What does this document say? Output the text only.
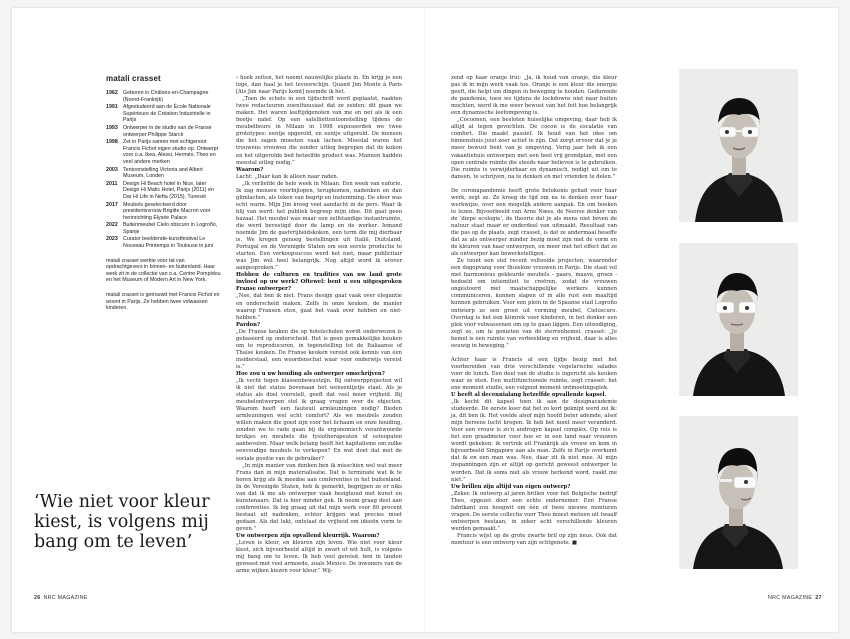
matali crasset
1962 Geboren in Châlons-en-Champagne (Noord-Frankrijk)
1991 Afgestudeerd aan de École Nationale Supérieure de Création Industrielle in Parijs
1993 Ontwerper in de studio van de Franse ontwerper Philippe Starck
1998 Zet in Parijs samen met echtgenoot Francis Fichot eigen studio op. Ontwerpt voor o.a. Ikea, Alessi, Hermès, Theo en veel andere merken
2003 Tentoonstelling Victoria and Albert Museum, Londen
2011	Design Hi Beach hotel in Nice, later Design Hi Matic Hotel, Parijs (2011) en Dar Hi Life in Nefta (2015), Tunesië
2017 Meubels geselecteerd door presidentsvrouw Brigitte Macron voor herinrichting Élysée Palace
2022 Buitenmeubel Cielo obscuro in Logroño, Spanje
2023 Curator beeldende-kunstfestival Le Nouveau Printemps in Toulouse in juni
matali crasset werkte voor tal van opdrachtgevers in binnen- en buitenland. Haar werk zit in de collectie van o.a. Centre Pompidou en het Museum of Modern Art in New York.
matali crasset is getrouwd met Francis Fichot en woont in Parijs. Ze hebben twee volwassen kinderen.
‘Wie niet voor kleur kiest, is volgens mij bang om te leven’

‹ hoek zetten, het neemt nauwelijks plaats in. En krijg je een logé, dan haal je het tevoorschijn. Quand Jim Monte à Paris [Als Jim naar Parijs komt] noemde ik het.

„Toen de schets in een tijdschrift werd geplaatst, raakten twee redacteuren zoenthousiast dat ze zeiden: dit gaan we maken. Het waren leeftijdgenoten van me en net als ik een beetje naïef. Op een satelliettentoonstelling tijdens de meubelbeurs in Milaan in 1998 exposeerden we twee prototypes: eentje opgerold, en eentje uitgerold. De mensen die het zagen moesten vaak lachen. Meestal waren het trouwens vrouwen die zonder uitleg begrepen dat de kokon en het uitgerolde bed hetzelfde product was. Mannen hadden meestal uitleg nodig.”

Waarom?

Lacht: „Daar kan ik alleen naar raden.

„Ik verliefde de hele week in Milaan. Een week van euforie. Ik zag mensen voorbijlopen, terugkomen, nadenken en dan glimlachen, als teken van begrip en instemming. De sfeer was echt warm. Mijn Jim kreeg veel aandacht in de pers. Waar ik blij van werd: het publiek begreep mijn idee. Dit gaat geen bazaal. Het meubel was maar een zelfstandige instantruimte, die werd bevestigd door de lamp en de werker. Iemand noemde Jim de gastvrijheidskokon, een term die mij dierbaar is. We kregen genoeg bestellingen uit Italië, Duitsland, Portugal en de Verenigde Staten om een eerste productie te starten. Een verkoopsucces werd het niet, maar publicitair was Jim wel heel belangrijk. Nog altijd word ik erover aangesproken.”

Hebben de culturen en tradities van uw land grote invloed op uw werk? Oftewel: bent u een uitgesproken Franse ontwerper?

„Nee, dat ben ik niet. Frans design gaat vaak over elegantie en onderscheid maken. Zelfs in onze keuken, de manier waarop Fransen eten, gaat het vaak over hebben en niet-hebben.”

Pardon?

„De Franse keuken die op hotelscholen wordt onderwezen is gebaseerd op onderscheid. Het is geen gemakkelijke keuken om te reproduceren, in tegenstelling tot de Italiaanse of Thaise keuken. De Franse keuken vereist ook kennis van een insiderstaal, een woordenschat waar voor onderwijs vereist is.”

Hoe zou u uw houding als ontwerper omschrijven?

„Ik vecht tegen klassenbewustzijn. Bij ontwerpprojecten wil ik niet dat status bovenaan het wensenlijstje staat. Als je status als doel voorstelt, geeft dat veel meer vrijheid. Bij meubelontwerpen stel ik graag vragen over de objecten. Waarom heeft een fauteuil armleuningen nodig? Bieden armleuningen wel echt comfort? Als we meubels zouden willen maken die goed zijn voor het lichaam en onze houding, zouden we te rade gaan bij de ergonomisch verantwoorde krukjes en meubels die fysiotherapeuten of osteopaten aanbevelen. Maar welk belang heeft het kapitalisme om zulke eenvoudige meubels te verkopen? En wat doet dat met de sociale positie van de gebruiker?

„In mijn manier van denken ben ik misschien wel wat meer Frans dan in mijn materialisatie. Dat is terminate wat ik te horen krijg als ik meedoe aan conferenties in het buitenland. In de Verenigde Staten, heb ik gemerkt, begrijpen ze er niks van dat ik me als ontwerper vaak bezighoud met kunst en kunstenaars. Dat is hier minder gek. Ik neem graag deel aan conferenties. Ik leg graag uit dat mijn werk voor 80 procent bestaat uit nadenken, echter krijgen wat precies moet gedaan. Als dat lukt, ontstaat de vrijheid om ideeën vorm te geven.”

Uw ontwerpen zijn opvallend kleurrijk. Waarom?

„Leven is kleur, en kleuren zijn leven. Wie niet voor kleur kiest, zich bijvoorbeeld altijd in zwart of wit hult, is volgens mij bang om te leven. Ik heb veel gereisd, ben in landen geweest met veel armoede, zoals Mexico. De inwoners van de arme wijken kiezen voor kleur.” Wij-

zend op haar oranje trui: „Ja, ik houd van oranje, die kleur pas ik in mijn werk vaak toe. Oranje is een kleur die energie geeft, die helpt om dingen in beweging te houden. Gedurende de pandemie, toen we tijdens de lockdowns niet naar buiten mochten, werd ik me weer bewust van het feit hoe belangrijk een dynamische leefomgeving is.

„Cocoonen, een besloten huiselijke omgeving, daar heb ik altijd al tegen gevochten. De cocon is de escalatie van comfort. Die maakt passief. Ik houd van het idee om binnenshuis juist zeer actief te zijn. Dat zorgt ervoor dat je je meer bewust bent van je omgeving. Vorig jaar heb ik een vakantiehuis ontworpen met een heel vrij grondplan, met een open centrale ruimte die steeds naar believen is te gebruiken. Die ruimte is verwijderbaar en dynamisch, nodigt uit om te dansen, te schrijven, na te denken en met vrienden te delen.”

De coronapandemie heeft grote betekenis gehad voor haar werk, zegt ze. Ze kreeg de tijd om na te denken over haar werkwijze, over een mogelijk andere aanpak. En om boeken te lezen. Bijvoorbeeld van Arne Næss, de Noorse denker van de ‘diepe ecologie’, de theorie dat je als mens niet boven de natuur staat maar er onderdeel van uitmaakt. Resultaat van die pas op de plaats, zegt crasset, is dat ze andermaal beseffe dat ze als ontwerper minder bezig moet zijn met de vorm en de kleuren van haar ontwerpen, en meer met het effect dat ze als ontwerper kan bewerkstelligen.

Ze toont een stel recent voltooide projecten, waaronder een dagopvang voor thuisloze vrouwen in Parijs. Die staat vol met harmonieus gekleurde meubels - paars, mauve, groen - bedoeld om intiemiteit te creëren, zodat de vrouwen ongestoord met maatschappelijke werkers kunnen communiceren, kunnen slapen of in alle rust een maaltijd kunnen gebruiken. Voor een plein in de Spaanse stad Logroño ontwierp ze een groot uit vorming meubel, Cieloscuro. Overdag is het een klimrek voor kinderen, in het donker een plek voor volwassenen om op te gaan liggen. Een uitnodiging, zegt ze, om te genieten van de sterrenhemel. crasset: „Je hemel is een ruimte van verbeelding en vrijheid, daar is alles eeuwig in beweging.”

Achter haar is Francis al een tijdje bezig met het voorbereiden van drie verschillende vegetarische salades voor de lunch. Een deel van de studio is ingericht als keuken waar ze eten. Een multifunctionele ruimte, zegt crasset: het ene moment studio, een volgend moment ontmoetingsplek.

U heeft al decennialang hetzelfde opvallende kapsel.

„Ik kocht dit kapsel toen ik aan de designacademie studeerde. De eerste keer dat het zo kort geknipt werd zei ik: ja, dit ben ik. Het voelde alsof mijn hoofd beter ademde, alsof mijn hersens lucht kregen. Ik heb het nooit meer veranderd. Voor een vrouw is zo’n androgyn kapsel complex. Op reis is het een graadmeter voor hoe er in een land naar vrouwen wordt gekeken: ik vertrek uit Frankrijk als vrouw en kom in bijvoorbeeld Singapore aan als man. Zelfs in Parijs overkomt dat ik en een man was. Nee, daar zit ik niet mee. Al mijn inspanningen zijn er altijd op gericht geweest ontwerper te worden. Dat ik soms niet als vrouw herkend word, raakt me niet.”

Uw brillen zijn altijd van eigen ontwerp?

„Zeker. Ik ontwerp al jaren brillen voor het Belgische bedrijf Theo, opgezet door een echte ondernemer. Een Franse fabrikant zou hoogwit om één of twee nieuwe monturen vragen. De eerste collectie voor Theo moest meteen uit twaalf ontwerpen bestaan, in zeker acht verschillende kleuren werden gemaakt.”

Francis wijst op de grote zwarte bril op zijn neus. Ook dat montuur is een ontwerp van zijn echtgenote. ■

26 NRC MAGAZINE	NRC MAGAZINE 27
